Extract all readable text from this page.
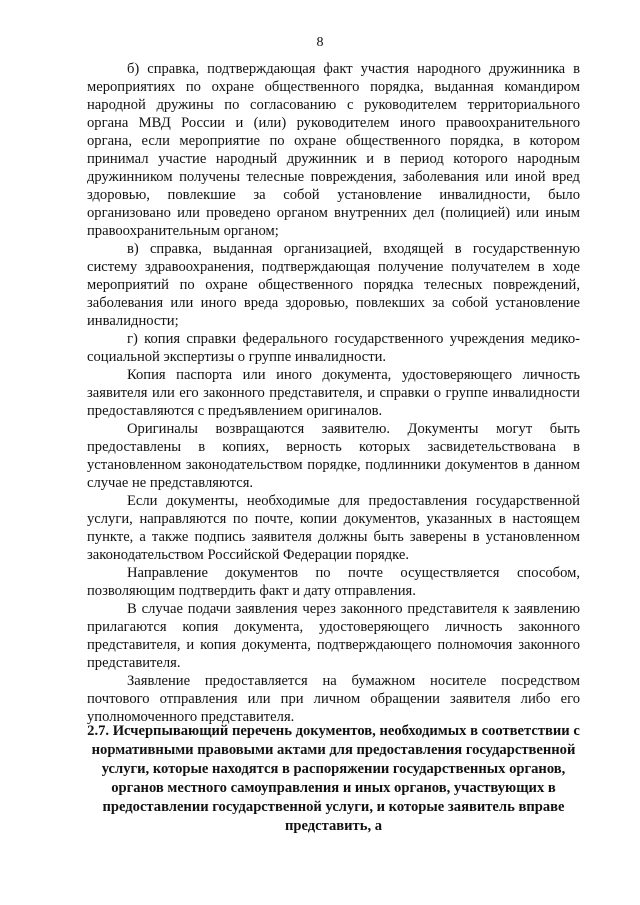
8

б) справка, подтверждающая факт участия народного дружинника в мероприятиях по охране общественного порядка, выданная командиром народной дружины по согласованию с руководителем территориального органа МВД России и (или) руководителем иного правоохранительного органа, если мероприятие по охране общественного порядка, в котором принимал участие народный дружинник и в период которого народным дружинником получены телесные повреждения, заболевания или иной вред здоровью, повлекшие за собой установление инвалидности, было организовано или проведено органом внутренних дел (полицией) или иным правоохранительным органом;

в) справка, выданная организацией, входящей в государственную систему здравоохранения, подтверждающая получение получателем в ходе мероприятий по охране общественного порядка телесных повреждений, заболевания или иного вреда здоровью, повлекших за собой установление инвалидности;

г) копия справки федерального государственного учреждения медико-социальной экспертизы о группе инвалидности.

Копия паспорта или иного документа, удостоверяющего личность заявителя или его законного представителя, и справки о группе инвалидности предоставляются с предъявлением оригиналов.

Оригиналы возвращаются заявителю. Документы могут быть предоставлены в копиях, верность которых засвидетельствована в установленном законодательством порядке, подлинники документов в данном случае не представляются.

Если документы, необходимые для предоставления государственной услуги, направляются по почте, копии документов, указанных в настоящем пункте, а также подпись заявителя должны быть заверены в установленном законодательством Российской Федерации порядке.

Направление документов по почте осуществляется способом, позволяющим подтвердить факт и дату отправления.

В случае подачи заявления через законного представителя к заявлению прилагаются копия документа, удостоверяющего личность законного представителя, и копия документа, подтверждающего полномочия законного представителя.

Заявление предоставляется на бумажном носителе посредством почтового отправления или при личном обращении заявителя либо его уполномоченного представителя.

2.7. Исчерпывающий перечень документов, необходимых в соответствии с нормативными правовыми актами для предоставления государственной услуги, которые находятся в распоряжении государственных органов, органов местного самоуправления и иных органов, участвующих в предоставлении государственной услуги, и которые заявитель вправе представить, а
